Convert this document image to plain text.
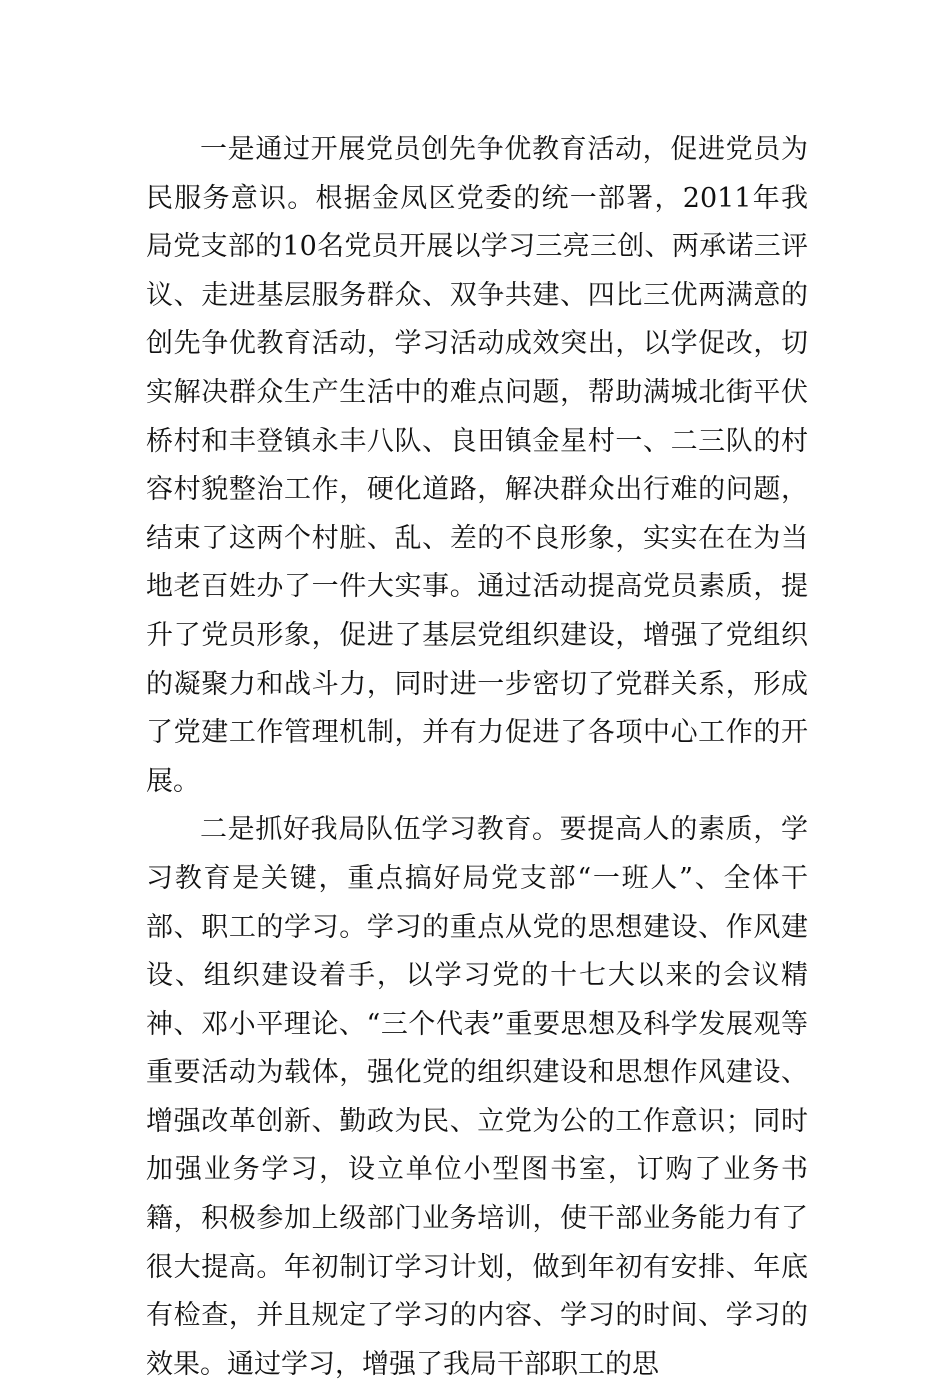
一是通过开展党员创先争优教育活动，促进党员为民服务意识。根据金凤区党委的统一部署，2011年我局党支部的10名党员开展以学习三亮三创、两承诺三评议、走进基层服务群众、双争共建、四比三优两满意的创先争优教育活动，学习活动成效突出，以学促改，切实解决群众生产生活中的难点问题，帮助满城北街平伏桥村和丰登镇永丰八队、良田镇金星村一、二三队的村容村貌整治工作，硬化道路，解决群众出行难的问题，结束了这两个村脏、乱、差的不良形象，实实在在为当地老百姓办了一件大实事。通过活动提高党员素质，提升了党员形象，促进了基层党组织建设，增强了党组织的凝聚力和战斗力，同时进一步密切了党群关系，形成了党建工作管理机制，并有力促进了各项中心工作的开展。

二是抓好我局队伍学习教育。要提高人的素质，学习教育是关键，重点搞好局党支部“一班人”、全体干部、职工的学习。学习的重点从党的思想建设、作风建设、组织建设着手，以学习党的十七大以来的会议精神、邓小平理论、“三个代表”重要思想及科学发展观等重要活动为载体，强化党的组织建设和思想作风建设、增强改革创新、勤政为民、立党为公的工作意识；同时加强业务学习，设立单位小型图书室，订购了业务书籍，积极参加上级部门业务培训，使干部业务能力有了很大提高。年初制订学习计划，做到年初有安排、年底有检查，并且规定了学习的内容、学习的时间、学习的效果。通过学习，增强了我局干部职工的思
